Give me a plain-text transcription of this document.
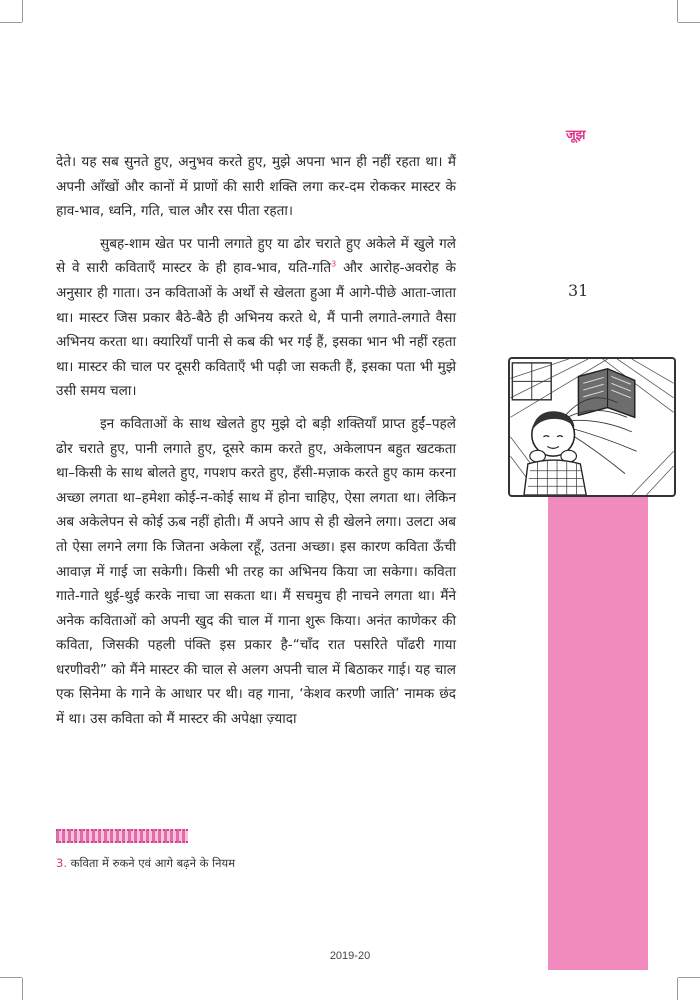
जूझ
31

देते। यह सब सुनते हुए, अनुभव करते हुए, मुझे अपना भान ही नहीं रहता था। मैं अपनी आँखों और कानों में प्राणों की सारी शक्ति लगा कर-दम रोककर मास्टर के हाव-भाव, ध्वनि, गति, चाल और रस पीता रहता।

सुबह-शाम खेत पर पानी लगाते हुए या ढोर चराते हुए अकेले में खुले गले से वे सारी कविताएँ मास्टर के ही हाव-भाव, यति-गति$^3$ और आरोह-अवरोह के अनुसार ही गाता। उन कविताओं के अर्थों से खेलता हुआ मैं आगे-पीछे आता-जाता था। मास्टर जिस प्रकार बैठे-बैठे ही अभिनय करते थे, मैं पानी लगाते-लगाते वैसा अभिनय करता था। क्यारियाँ पानी से कब की भर गई हैं, इसका भान भी नहीं रहता था। मास्टर की चाल पर दूसरी कविताएँ भी पढ़ी जा सकती हैं, इसका पता भी मुझे उसी समय चला।

इन कविताओं के साथ खेलते हुए मुझे दो बड़ी शक्तियाँ प्राप्त हुईं–पहले ढोर चराते हुए, पानी लगाते हुए, दूसरे काम करते हुए, अकेलापन बहुत खटकता था–किसी के साथ बोलते हुए, गपशप करते हुए, हँसी-मज़ाक करते हुए काम करना अच्छा लगता था–हमेशा कोई-न-कोई साथ में होना चाहिए, ऐसा लगता था। लेकिन अब अकेलेपन से कोई ऊब नहीं होती। मैं अपने आप से ही खेलने लगा। उलटा अब तो ऐसा लगने लगा कि जितना अकेला रहूँ, उतना अच्छा। इस कारण कविता ऊँची आवाज़ में गाई जा सकेगी। किसी भी तरह का अभिनय किया जा सकेगा। कविता गाते-गाते थुई-थुई करके नाचा जा सकता था। मैं सचमुच ही नाचने लगता था। मैंने अनेक कविताओं को अपनी खुद की चाल में गाना शुरू किया। अनंत काणेकर की कविता, जिसकी पहली पंक्ति इस प्रकार है-“चाँद रात पसरिते पाँढरी गाया धरणीवरी” को मैंने मास्टर की चाल से अलग अपनी चाल में बिठाकर गाई। यह चाल एक सिनेमा के गाने के आधार पर थी। वह गाना, ‘केशव करणी जाति’ नामक छंद में था। उस कविता को मैं मास्टर की अपेक्षा ज़्यादा

3. कविता में रुकने एवं आगे बढ़ने के नियम
2019-20
